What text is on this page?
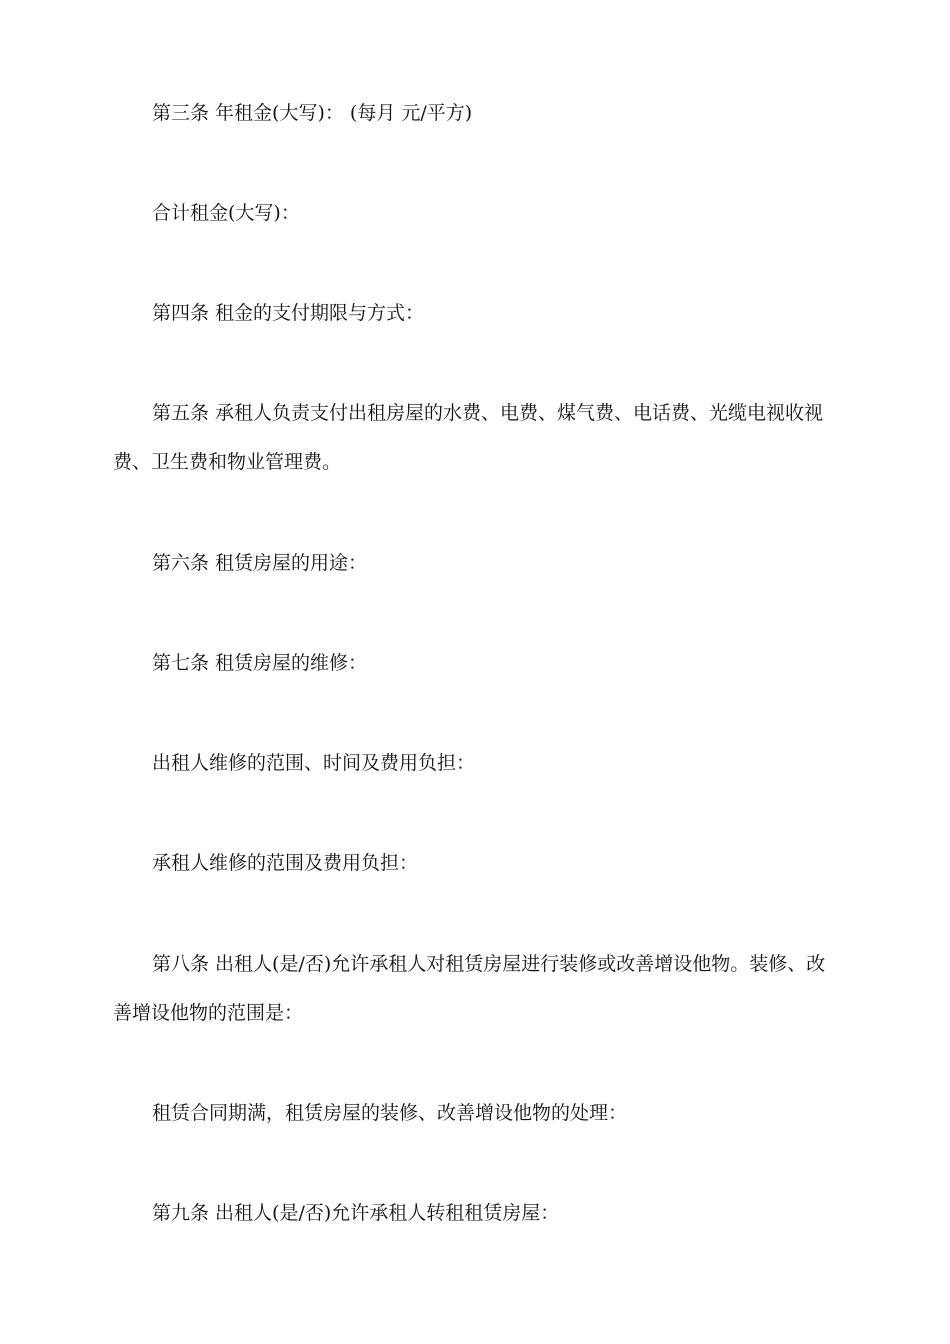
第三条 年租金(大写)： (每月 元/平方)

合计租金(大写)：

第四条 租金的支付期限与方式：

第五条 承租人负责支付出租房屋的水费、电费、煤气费、电话费、光缆电视收视费、卫生费和物业管理费。

第六条 租赁房屋的用途：

第七条 租赁房屋的维修：

出租人维修的范围、时间及费用负担：

承租人维修的范围及费用负担：

第八条 出租人(是/否)允许承租人对租赁房屋进行装修或改善增设他物。装修、改善增设他物的范围是：

租赁合同期满，租赁房屋的装修、改善增设他物的处理：

第九条 出租人(是/否)允许承租人转租租赁房屋：
